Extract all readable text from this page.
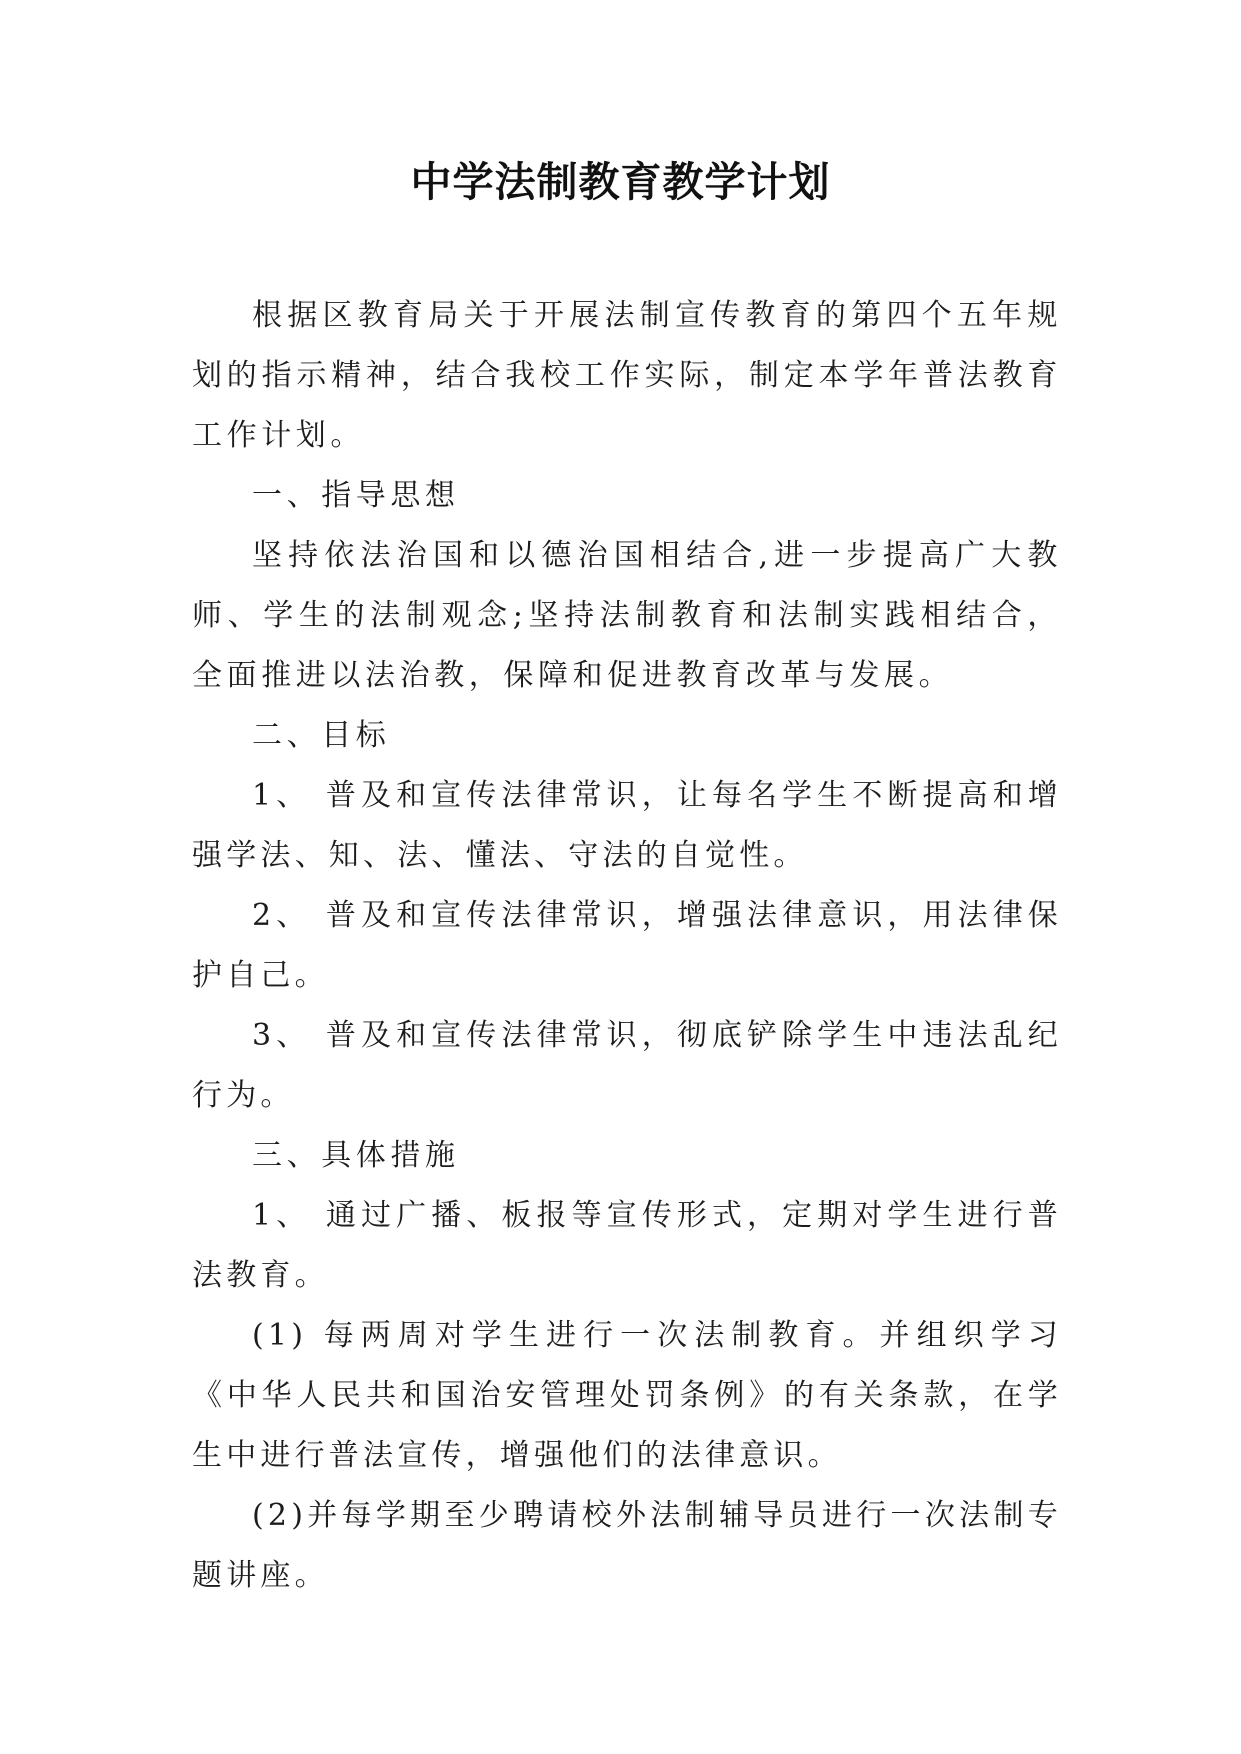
中学法制教育教学计划

根据区教育局关于开展法制宣传教育的第四个五年规划的指示精神，结合我校工作实际，制定本学年普法教育工作计划。

一、指导思想

坚持依法治国和以德治国相结合,进一步提高广大教师、学生的法制观念;坚持法制教育和法制实践相结合，全面推进以法治教，保障和促进教育改革与发展。

二、目标

1、 普及和宣传法律常识，让每名学生不断提高和增强学法、知、法、懂法、守法的自觉性。

2、 普及和宣传法律常识，增强法律意识，用法律保护自己。

3、 普及和宣传法律常识，彻底铲除学生中违法乱纪行为。

三、具体措施

1、 通过广播、板报等宣传形式，定期对学生进行普法教育。

(1) 每两周对学生进行一次法制教育。并组织学习《中华人民共和国治安管理处罚条例》的有关条款，在学生中进行普法宣传，增强他们的法律意识。

(2)并每学期至少聘请校外法制辅导员进行一次法制专题讲座。
